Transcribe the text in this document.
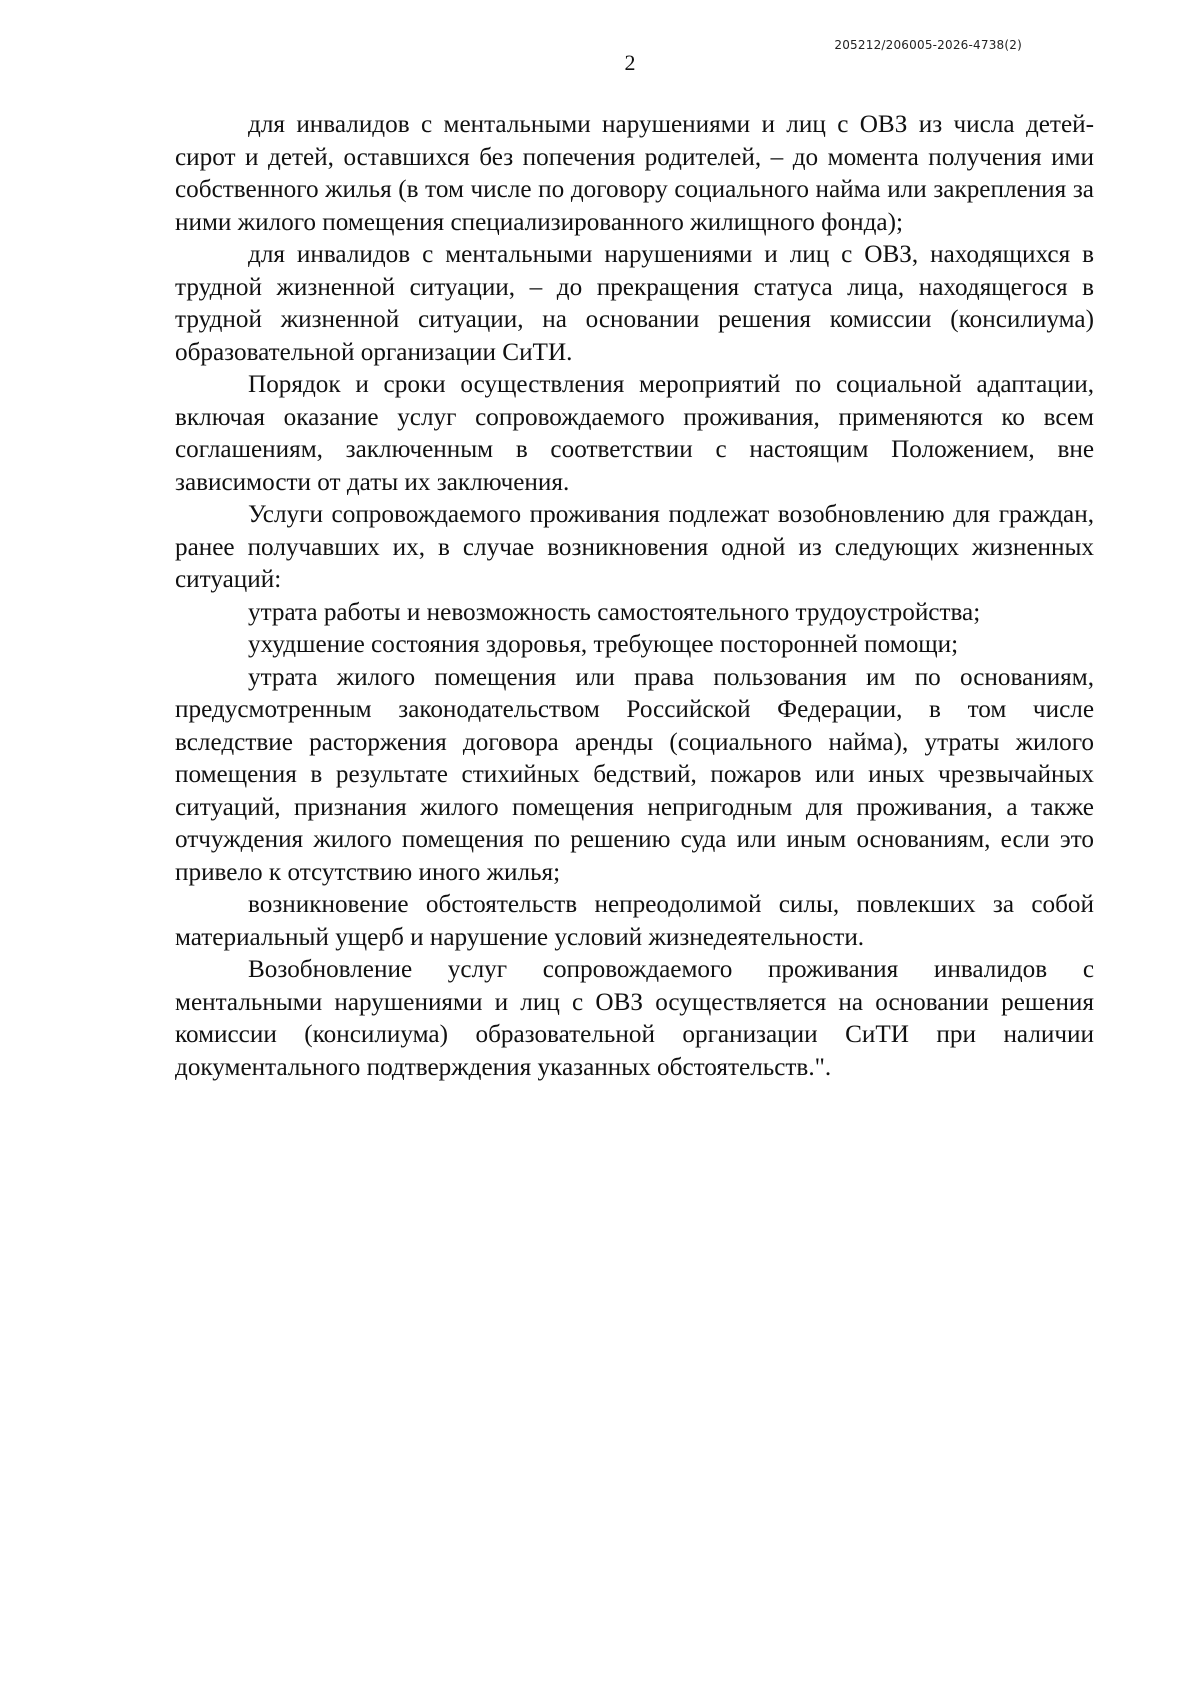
205212/206005-2026-4738(2)
2

для инвалидов с ментальными нарушениями и лиц с ОВЗ из числа детей-сирот и детей, оставшихся без попечения родителей, – до момента получения ими собственного жилья (в том числе по договору социального найма или закрепления за ними жилого помещения специализированного жилищного фонда);

для инвалидов с ментальными нарушениями и лиц с ОВЗ, находящихся в трудной жизненной ситуации, – до прекращения статуса лица, находящегося в трудной жизненной ситуации, на основании решения комиссии (консилиума) образовательной организации СиТИ.

Порядок и сроки осуществления мероприятий по социальной адаптации, включая оказание услуг сопровождаемого проживания, применяются ко всем соглашениям, заключенным в соответствии с настоящим Положением, вне зависимости от даты их заключения.

Услуги сопровождаемого проживания подлежат возобновлению для граждан, ранее получавших их, в случае возникновения одной из следующих жизненных ситуаций:

утрата работы и невозможность самостоятельного трудоустройства;

ухудшение состояния здоровья, требующее посторонней помощи;

утрата жилого помещения или права пользования им по основаниям, предусмотренным законодательством Российской Федерации, в том числе вследствие расторжения договора аренды (социального найма), утраты жилого помещения в результате стихийных бедствий, пожаров или иных чрезвычайных ситуаций, признания жилого помещения непригодным для проживания, а также отчуждения жилого помещения по решению суда или иным основаниям, если это привело к отсутствию иного жилья;

возникновение обстоятельств непреодолимой силы, повлекших за собой материальный ущерб и нарушение условий жизнедеятельности.

Возобновление услуг сопровождаемого проживания инвалидов с ментальными нарушениями и лиц с ОВЗ осуществляется на основании решения комиссии (консилиума) образовательной организации СиТИ при наличии документального подтверждения указанных обстоятельств.".
